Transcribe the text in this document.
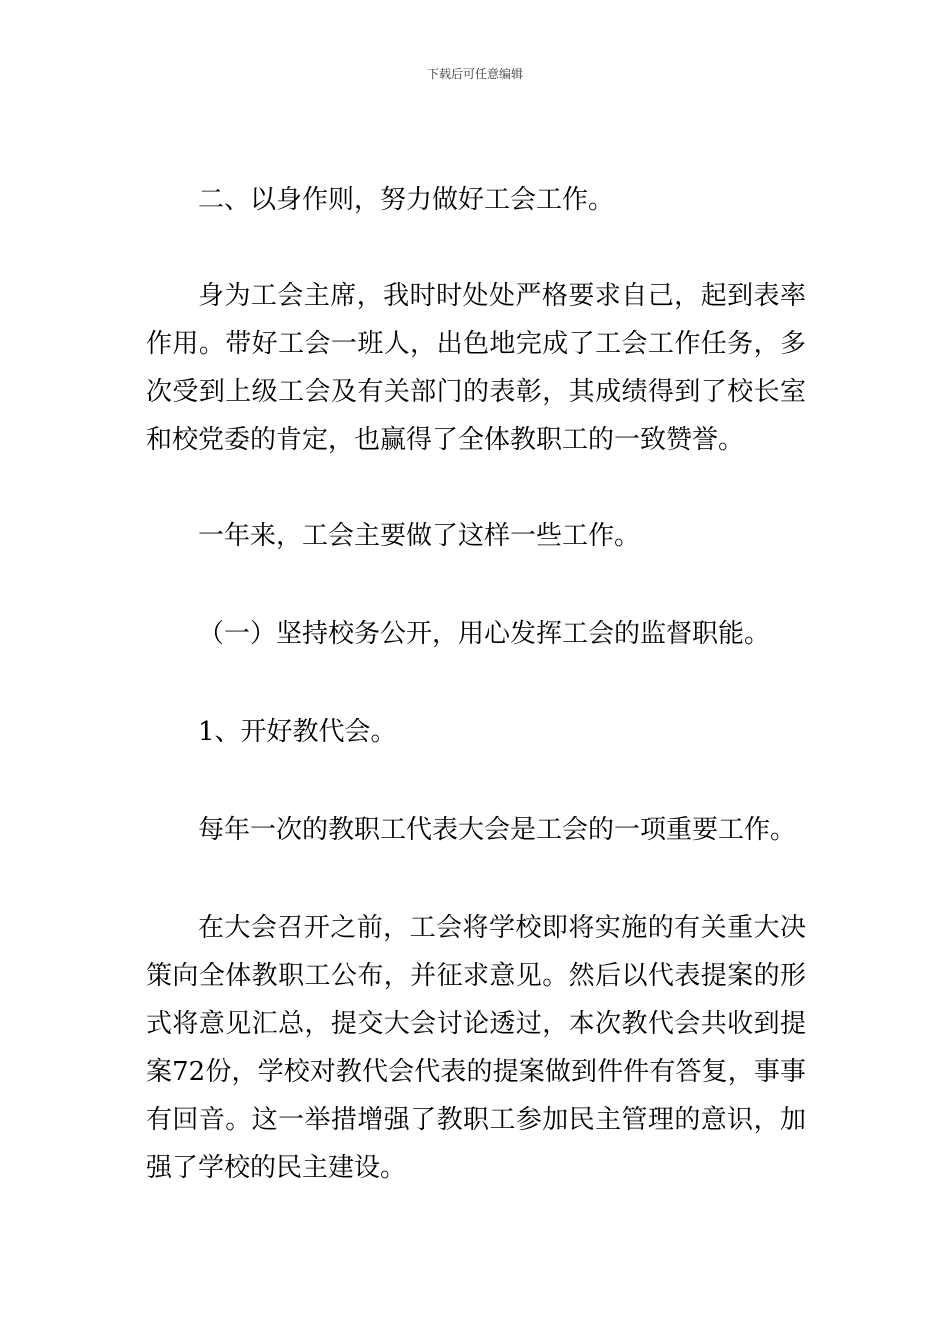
下载后可任意编辑

二、以身作则，努力做好工会工作。

身为工会主席，我时时处处严格要求自己，起到表率作用。带好工会一班人，出色地完成了工会工作任务，多次受到上级工会及有关部门的表彰，其成绩得到了校长室和校党委的肯定，也赢得了全体教职工的一致赞誉。

一年来，工会主要做了这样一些工作。

（一）坚持校务公开，用心发挥工会的监督职能。

1、开好教代会。

每年一次的教职工代表大会是工会的一项重要工作。

在大会召开之前，工会将学校即将实施的有关重大决策向全体教职工公布，并征求意见。然后以代表提案的形式将意见汇总，提交大会讨论透过，本次教代会共收到提案72份，学校对教代会代表的提案做到件件有答复，事事有回音。这一举措增强了教职工参加民主管理的意识，加强了学校的民主建设。
